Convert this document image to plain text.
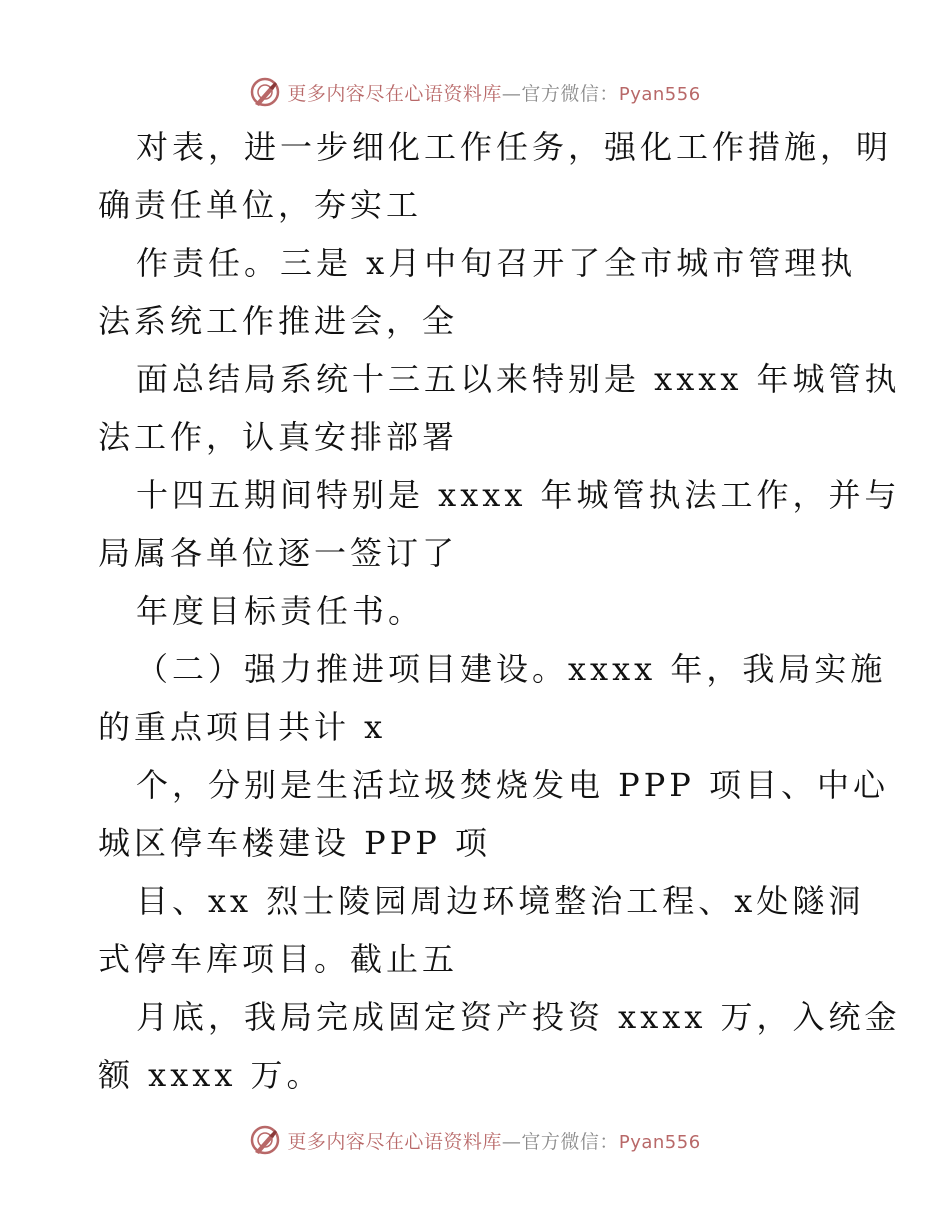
更多内容尽在心语资料库—官方微信：Pyan556
对表，进一步细化工作任务，强化工作措施，明
确责任单位，夯实工
作责任。三是 x月中旬召开了全市城市管理执
法系统工作推进会，全
面总结局系统十三五以来特别是 xxxx 年城管执
法工作，认真安排部署
十四五期间特别是 xxxx 年城管执法工作，并与
局属各单位逐一签订了
年度目标责任书。
（二）强力推进项目建设。xxxx 年，我局实施
的重点项目共计 x
个，分别是生活垃圾焚烧发电 PPP 项目、中心
城区停车楼建设 PPP 项
目、xx 烈士陵园周边环境整治工程、x处隧洞
式停车库项目。截止五
月底，我局完成固定资产投资 xxxx 万，入统金
额 xxxx 万。
更多内容尽在心语资料库—官方微信：Pyan556
